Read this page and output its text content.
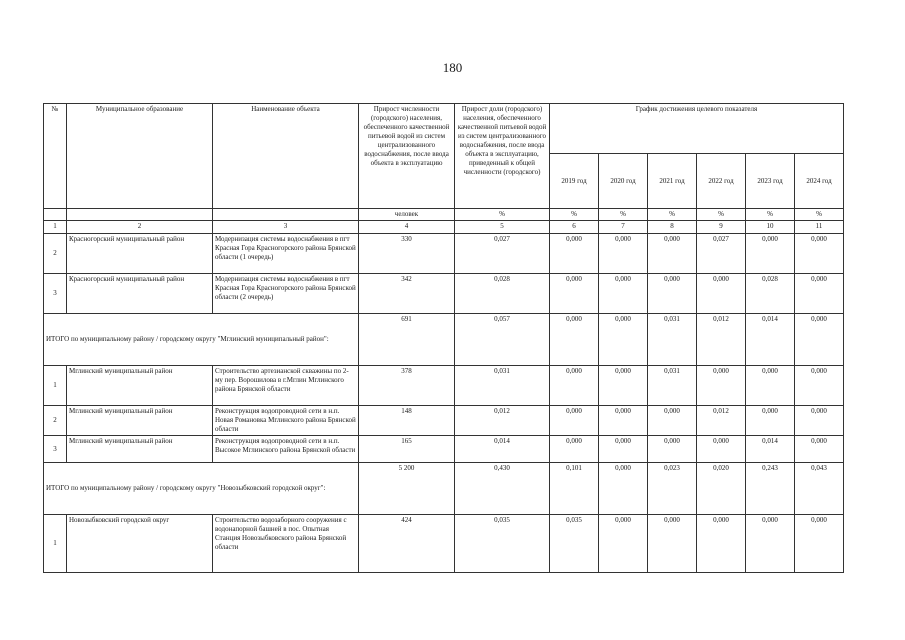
180
№	Муниципальное образование	Наименование объекта	Прирост численности (городского) населения, обеспеченного качественной питьевой водой из систем централизованного водоснабжения, после ввода объекта в эксплуатацию	Прирост доли (городского) населения, обеспеченного качественной питьевой водой из систем централизованного водоснабжения, после ввода объекта в эксплуатацию, приведенный к общей численности (городского)	График достижения целевого показателя					
					2019 год	2020 год	2021 год	2022 год	2023 год	2024 год
			человек	%	%	%	%	%	%	%
1	2	3	4	5	6	7	8	9	10	11
2	Красногорский муниципальный район	Модернизация системы водоснабжения в пгт Красная Гора Красногорского района Брянской области (1 очередь)	330	0,027	0,000	0,000	0,000	0,027	0,000	0,000
3	Красногорский муниципальный район	Модернизация системы водоснабжения в пгт Красная Гора Красногорского района Брянской области (2 очередь)	342	0,028	0,000	0,000	0,000	0,000	0,028	0,000
ИТОГО по муниципальному району / городскому округу "Мглинский муниципальный район":			691	0,057	0,000	0,000	0,031	0,012	0,014	0,000
1	Мглинский муниципальный район	Строительство артезианской скважины по 2-му пер. Ворошилова в г.Мглин Мглинского района Брянской области	378	0,031	0,000	0,000	0,031	0,000	0,000	0,000
2	Мглинский муниципальный район	Реконструкция водопроводной сети в н.п. Новая Романовка Мглинского района Брянской области	148	0,012	0,000	0,000	0,000	0,012	0,000	0,000
3	Мглинский муниципальный район	Реконструкция водопроводной сети в н.п. Высокое Мглинского района Брянской области	165	0,014	0,000	0,000	0,000	0,000	0,014	0,000
ИТОГО по муниципальному району / городскому округу "Новозыбковский городской округ":			5 200	0,430	0,101	0,000	0,023	0,020	0,243	0,043
1	Новозыбковский городской округ	Строительство водозаборного сооружения с водонапорной башней в пос. Опытная Станция Новозыбковского района Брянской области	424	0,035	0,035	0,000	0,000	0,000	0,000	0,000
